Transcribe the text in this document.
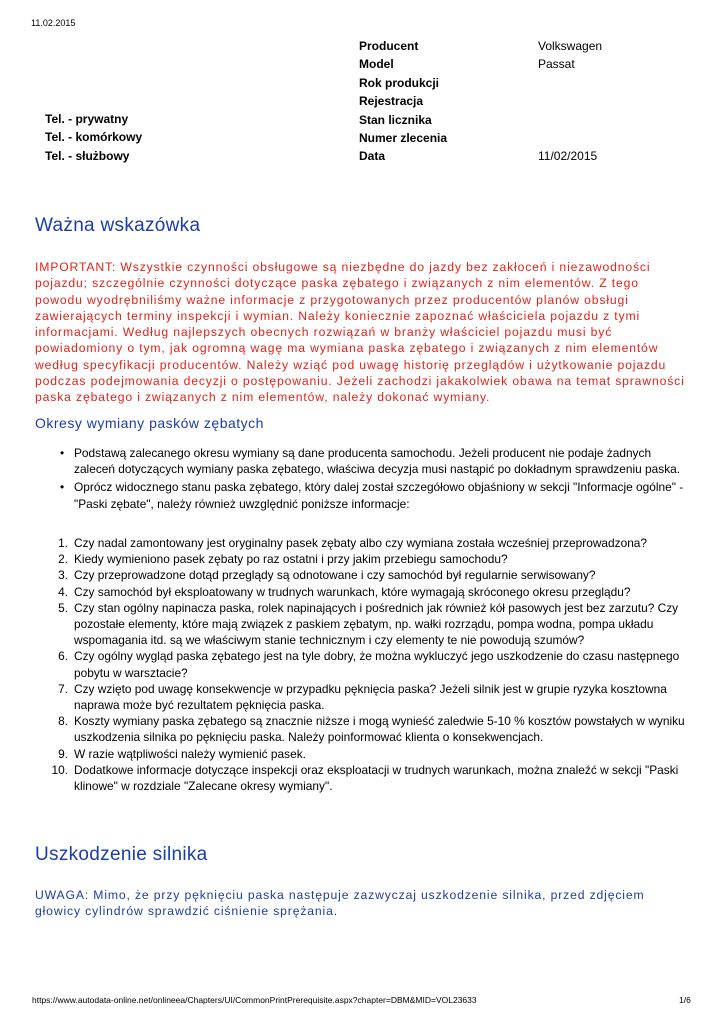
11.02.2015
Producent
Model
Rok produkcji
Rejestracja
Stan licznika
Numer zlecenia
Data
Volkswagen
Passat
11/02/2015
Tel. - prywatny
Tel. - komórkowy
Tel. - służbowy
Ważna wskazówka

IMPORTANT: Wszystkie czynności obsługowe są niezbędne do jazdy bez zakłoceń i niezawodności pojazdu; szczególnie czynności dotyczące paska zębatego i związanych z nim elementów. Z tego powodu wyodrębniliśmy ważne informacje z przygotowanych przez producentów planów obsługi zawierających terminy inspekcji i wymian. Należy koniecznie zapoznać właściciela pojazdu z tymi informacjami. Według najlepszych obecnych rozwiązań w branży właściciel pojazdu musi być powiadomiony o tym, jak ogromną wagę ma wymiana paska zębatego i związanych z nim elementów według specyfikacji producentów. Należy wziąć pod uwagę historię przeglądów i użytkowanie pojazdu podczas podejmowania decyzji o postępowaniu. Jeżeli zachodzi jakakolwiek obawa na temat sprawności paska zębatego i związanych z nim elementów, należy dokonać wymiany.

Okresy wymiany pasków zębatych
• Podstawą zalecanego okresu wymiany są dane producenta samochodu. Jeżeli producent nie podaje żadnych zaleceń dotyczących wymiany paska zębatego, właściwa decyzja musi nastąpić po dokładnym sprawdzeniu paska.
• Oprócz widocznego stanu paska zębatego, który dalej został szczegółowo objaśniony w sekcji "Informacje ogólne" - "Paski zębate", należy również uwzględnić poniższe informacje:
1. Czy nadal zamontowany jest oryginalny pasek zębaty albo czy wymiana została wcześniej przeprowadzona?
2. Kiedy wymieniono pasek zębaty po raz ostatni i przy jakim przebiegu samochodu?
3. Czy przeprowadzone dotąd przeglądy są odnotowane i czy samochód był regularnie serwisowany?
4. Czy samochód był eksploatowany w trudnych warunkach, które wymagają skróconego okresu przeglądu?
5. Czy stan ogólny napinacza paska, rolek napinających i pośrednich jak również kół pasowych jest bez zarzutu? Czy pozostałe elementy, które mają związek z paskiem zębatym, np. wałki rozrządu, pompa wodna, pompa układu wspomagania itd. są we właściwym stanie technicznym i czy elementy te nie powodują szumów?
6. Czy ogólny wygląd paska zębatego jest na tyle dobry, że można wykluczyć jego uszkodzenie do czasu następnego pobytu w warsztacie?
7. Czy wzięto pod uwagę konsekwencje w przypadku pęknięcia paska? Jeżeli silnik jest w grupie ryzyka kosztowna naprawa może być rezultatem pęknięcia paska.
8. Koszty wymiany paska zębatego są znacznie niższe i mogą wynieść zaledwie 5-10 % kosztów powstałych w wyniku uszkodzenia silnika po pęknięciu paska. Należy poinformować klienta o konsekwencjach.
9. W razie wątpliwości należy wymienić pasek.
10. Dodatkowe informacje dotyczące inspekcji oraz eksploatacji w trudnych warunkach, można znaleźć w sekcji "Paski klinowe" w rozdziale "Zalecane okresy wymiany".
Uszkodzenie silnika

UWAGA: Mimo, że przy pęknięciu paska następuje zazwyczaj uszkodzenie silnika, przed zdjęciem głowicy cylindrów sprawdzić ciśnienie sprężania.

https://www.autodata-online.net/onlineea/Chapters/UI/CommonPrintPrerequisite.aspx?chapter=DBM&MID=VOL23633	1/6
